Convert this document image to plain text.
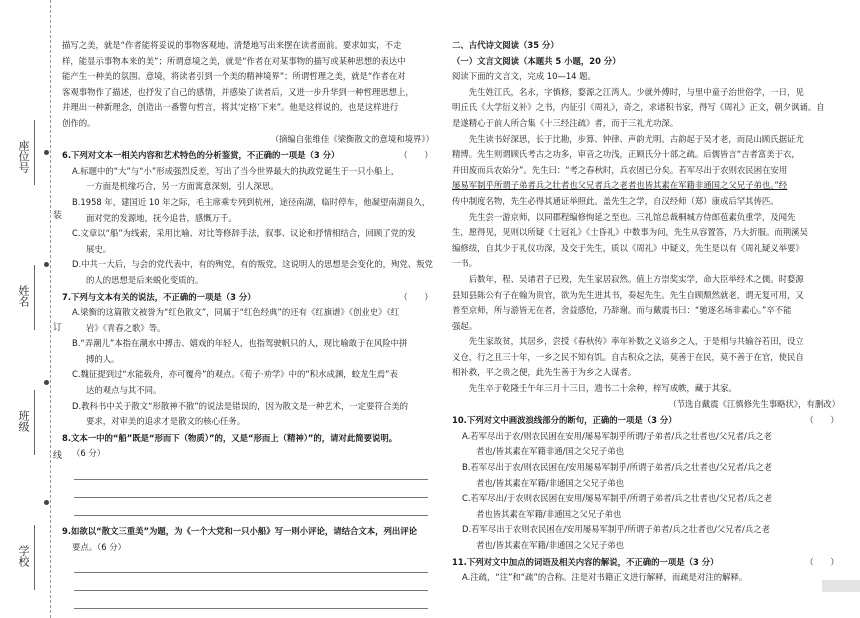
座位号
装
姓名
订
班级
线
学校

描写之美，就是“作者能将妥说的事物客观地、清楚地写出来摆在读者面前。要求如实，不走

样，能显示事物本来的美”；所谓意境之美，就是“作者在对某事物的描写或某种思想的表达中

能产生一种美的氛围、意境，将读者引到一个美的精神境界”；所谓哲理之美，就是“作者在对

客观事物作了描述，也抒发了自己的感情，并感染了读者后，又进一步升华到一种哲理思想上，

并理出一种新理念，创造出一番警句哲言，将其‘定格’下来”。他是这样说的，也是这样进行

创作的。

（摘编自张维佳《梁衡散文的意境和境界》）

6.下列对文本一相关内容和艺术特色的分析鉴赏，不正确的一项是（3 分）	（　　）

A.标题中的“大”与“小”形成强烈反差，写出了当今世界最大的执政党诞生于一只小船上，

一方面是机缘巧合，另一方面寓意深刻，引人深思。

B.1958 年，建国近 10 年之际，毛主席乘专列到杭州，途径南湖，临时停车，他凝望南湖良久，

面对党的发源地，抚今追昔，感慨万千。

C.文章以“船”为线索，采用比喻、对比等修辞手法，叙事、议论和抒情相结合，回顾了党的发

展史。

D.中共一大后，与会的党代表中，有的殉党，有的叛党，这说明人的思想是会变化的，殉党、叛党

的人的思想是后来蜕化变质的。

7.下列与文本有关的说法，不正确的一项是（3 分）	（　　）

A.梁衡的这篇散文被誉为“红色散文”，同属于“红色经典”的还有《红旗谱》《创业史》《红

岩》《青春之歌》等。

B.“弄潮儿”本指在潮水中搏击、嬉戏的年轻人，也指驾驶帆只的人，现比喻敢于在风险中拼

搏的人。

C.魏征提到过“水能载舟，亦可覆舟”的观点。《荀子·劝学》中的“积水成渊，蛟龙生焉”表

达的观点与其不同。

D.教科书中关于散文“形散神不散”的说法是错误的，因为散文是一种艺术，一定要符合美的

要求，对审美的追求才是散文的核心任务。

8.文本一中的“船”既是“形而下（物质）”的，又是“形而上（精神）”的，请对此简要说明。

（6 分）

9.如欲以“散文三重美”为题，为《一个大党和一只小船》写一则小评论，请结合文本，列出评论

要点。（6 分）

二、古代诗文阅读（35 分）

（一）文言文阅读（本题共 5 小题，20 分）

阅读下面的文言文，完成 10—14 题。

先生姓江氏，名永，字慎修，婺源之江湾人。少就外傅时，与里中童子治世俗学，一日，见

明丘氏《大学衍义补》之书，内征引《周礼》，奇之，求诸积书家，得写《周礼》正文，朝夕讽诵。自

是遂精心于前人所合集《十三经注疏》者，而于三礼尤功深。

先生读书好深思，长于比勘，步算、钟律、声韵尤明。古韵起于吴才老，而昆山顾氏据证尤

精博。先生则谓顾氏考古之功多，审音之功浅，正顾氏分十部之疏。后儒皆言“吉者富美于衣，

并田废而兵农始分”。先生曰：“考之春秋时，兵农固已分矣。若军尽出于农则农民困在安用

屡易军制乎所谓子弟者兵之壮者也父兄者兵之老者也皆其素在军籍非通国之父兄子弟也。”经

传中制度名物，先生必得其通证举照此。盖先生之学，自汉经师（郑）康成后罕其俦匹。

先生尝一游京师，以同郡程编修恂延之至也。三礼馆总裁桐城方侍郎苞素负重学，及闻先

生，愿得见，见则以所疑《士冠礼》《士昏礼》中数事为问，先生从容置答，乃大折服。而荆溪吴

编修绂，自其少于礼仪功深，及交于先生，质以《周礼》中疑义，先生是以有《周礼疑义举要》

一书。

后数年，程、吴诸君子已殁，先生家居寂然。值上方崇奖实学，命大臣举经术之儒。时婺源

县知县陈公有子在翰为贵官，欲为先生进其书，奏起先生。先生自顾颓然就老，谓无复可用，又

普至京师，所与游皆无在者，舍益感怆，乃辞谢。而与戴震书曰：“驰逐名场非素心。”卒不能

强起。

先生家故贫，其居乡，尝授《春秋传》率年补数之义谙乡之人，于是相与共输谷若田，设立

义仓，行之且三十年，一乡之民不知有饥。自古积众之法，莫善于在民，莫不善于在官，使民自

相补救，平之贵之便，此先生善于为乡之人谋者。

先生卒于乾隆壬午年三月十三日，遗书二十余种，梓写成帙，藏于其家。

（节选自戴震《江慎修先生事略状》，有删改）

10.下列对文中画波浪线部分的断句，正确的一项是（3 分）	（　　）

A.若军尽出于农/则农民困在安用/屡易军制乎所谓/子弟者/兵之壮者也/父兄者/兵之老

者也/皆其素在军籍非通/国之父兄子弟也

B.若军尽出于农/则农民困在/安用屡易军制乎/所谓子弟者/兵之壮者也/父兄者/兵之老

者也/皆其素在军籍/非通国之父兄子弟也

C.若军尽出/于农则农民困在安用/屡易军制乎/所谓子弟者/兵之壮者也/父兄者/兵之老

者也皆其素在军籍/非通国之父兄子弟也

D.若军尽出于农则农民困在/安用屡易军制乎/所谓子弟者/兵之壮者也/父兄者/兵之老

者也/皆其素在军籍/非通国之父兄子弟也

11.下列对文中加点的词语及相关内容的解说，不正确的一项是（3 分）	（　　）

A.注疏，“注”和“疏”的合称。注是对书籍正文进行解释，而疏是对注的解释。
